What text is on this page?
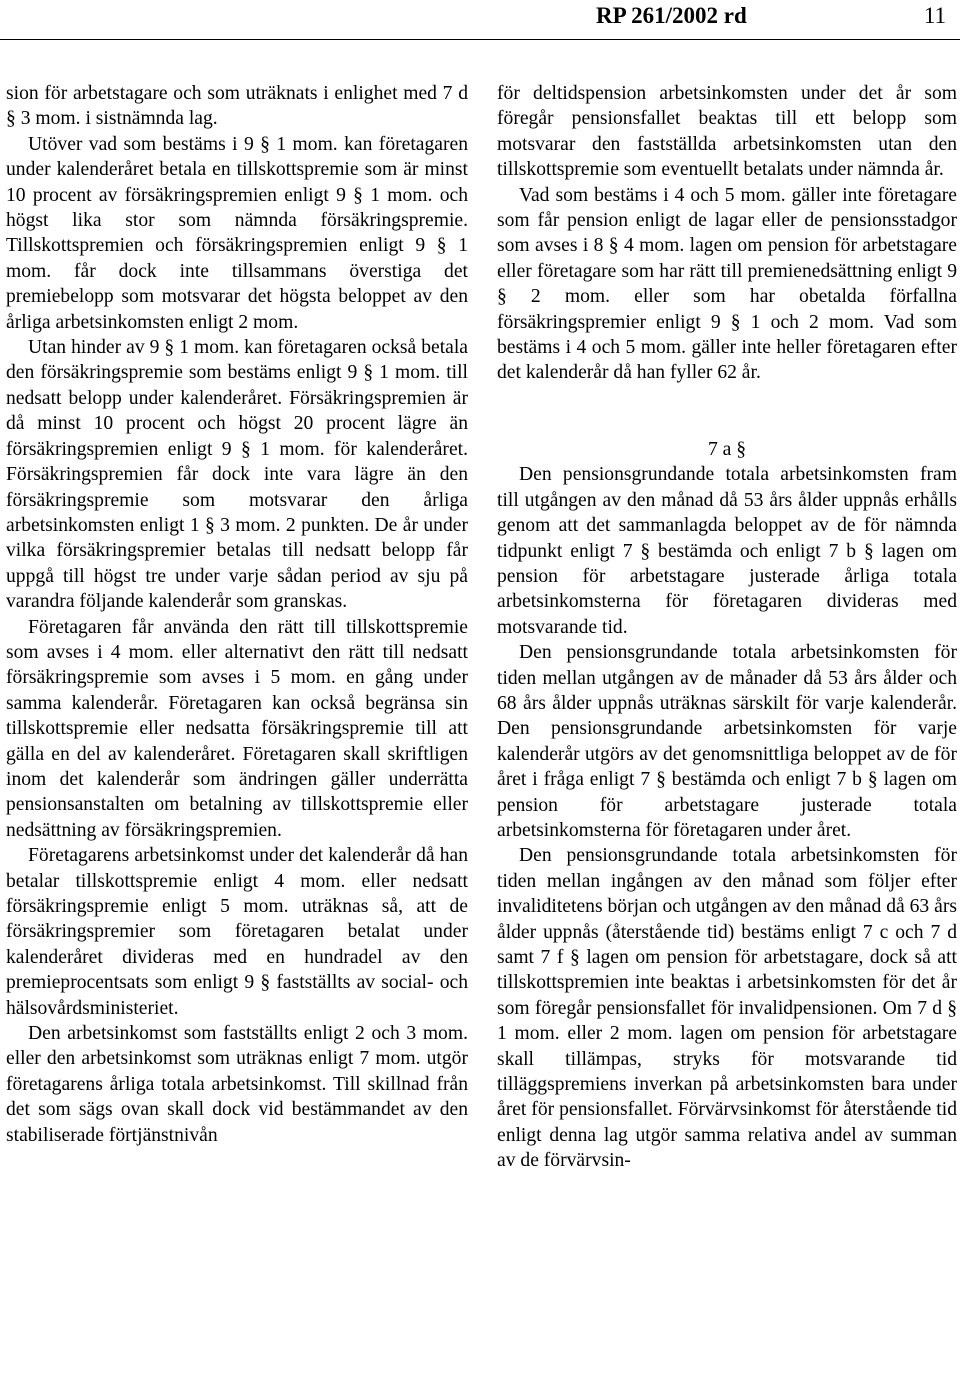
RP 261/2002 rd	11

sion för arbetstagare och som uträknats i enlighet med 7 d § 3 mom. i sistnämnda lag.

Utöver vad som bestäms i 9 § 1 mom. kan företagaren under kalenderåret betala en tillskottspremie som är minst 10 procent av försäkringspremien enligt 9 § 1 mom. och högst lika stor som nämnda försäkringspremie. Tillskottspremien och försäkringspremien enligt 9 § 1 mom. får dock inte tillsammans överstiga det premiebelopp som motsvarar det högsta beloppet av den årliga arbetsinkomsten enligt 2 mom.

Utan hinder av 9 § 1 mom. kan företagaren också betala den försäkringspremie som bestäms enligt 9 § 1 mom. till nedsatt belopp under kalenderåret. Försäkringspremien är då minst 10 procent och högst 20 procent lägre än försäkringspremien enligt 9 § 1 mom. för kalenderåret. Försäkringspremien får dock inte vara lägre än den försäkringspremie som motsvarar den årliga arbetsinkomsten enligt 1 § 3 mom. 2 punkten. De år under vilka försäkringspremier betalas till nedsatt belopp får uppgå till högst tre under varje sådan period av sju på varandra följande kalenderår som granskas.

Företagaren får använda den rätt till tillskottspremie som avses i 4 mom. eller alternativt den rätt till nedsatt försäkringspremie som avses i 5 mom. en gång under samma kalenderår. Företagaren kan också begränsa sin tillskottspremie eller nedsatta försäkringspremie till att gälla en del av kalenderåret. Företagaren skall skriftligen inom det kalenderår som ändringen gäller underrätta pensionsanstalten om betalning av tillskottspremie eller nedsättning av försäkringspremien.

Företagarens arbetsinkomst under det kalenderår då han betalar tillskottspremie enligt 4 mom. eller nedsatt försäkringspremie enligt 5 mom. uträknas så, att de försäkringspremier som företagaren betalat under kalenderåret divideras med en hundradel av den premieprocentsats som enligt 9 § fastställts av social- och hälsovårdsministeriet.

Den arbetsinkomst som fastställts enligt 2 och 3 mom. eller den arbetsinkomst som uträknas enligt 7 mom. utgör företagarens årliga totala arbetsinkomst. Till skillnad från det som sägs ovan skall dock vid bestämmandet av den stabiliserade förtjänstnivån

för deltidspension arbetsinkomsten under det år som föregår pensionsfallet beaktas till ett belopp som motsvarar den fastställda arbetsinkomsten utan den tillskottspremie som eventuellt betalats under nämnda år.

Vad som bestäms i 4 och 5 mom. gäller inte företagare som får pension enligt de lagar eller de pensionsstadgor som avses i 8 § 4 mom. lagen om pension för arbetstagare eller företagare som har rätt till premienedsättning enligt 9 § 2 mom. eller som har obetalda förfallna försäkringspremier enligt 9 § 1 och 2 mom. Vad som bestäms i 4 och 5 mom. gäller inte heller företagaren efter det kalenderår då han fyller 62 år.

7 a §

Den pensionsgrundande totala arbetsinkomsten fram till utgången av den månad då 53 års ålder uppnås erhålls genom att det sammanlagda beloppet av de för nämnda tidpunkt enligt 7 § bestämda och enligt 7 b § lagen om pension för arbetstagare justerade årliga totala arbetsinkomsterna för företagaren divideras med motsvarande tid.

Den pensionsgrundande totala arbetsinkomsten för tiden mellan utgången av de månader då 53 års ålder och 68 års ålder uppnås uträknas särskilt för varje kalenderår. Den pensionsgrundande arbetsinkomsten för varje kalenderår utgörs av det genomsnittliga beloppet av de för året i fråga enligt 7 § bestämda och enligt 7 b § lagen om pension för arbetstagare justerade totala arbetsinkomsterna för företagaren under året.

Den pensionsgrundande totala arbetsinkomsten för tiden mellan ingången av den månad som följer efter invaliditetens början och utgången av den månad då 63 års ålder uppnås (återstående tid) bestäms enligt 7 c och 7 d samt 7 f § lagen om pension för arbetstagare, dock så att tillskottspremien inte beaktas i arbetsinkomsten för det år som föregår pensionsfallet för invalidpensionen. Om 7 d § 1 mom. eller 2 mom. lagen om pension för arbetstagare skall tillämpas, stryks för motsvarande tid tilläggspremiens inverkan på arbetsinkomsten bara under året för pensionsfallet. Förvärvsinkomst för återstående tid enligt denna lag utgör samma relativa andel av summan av de förvärvsin-
